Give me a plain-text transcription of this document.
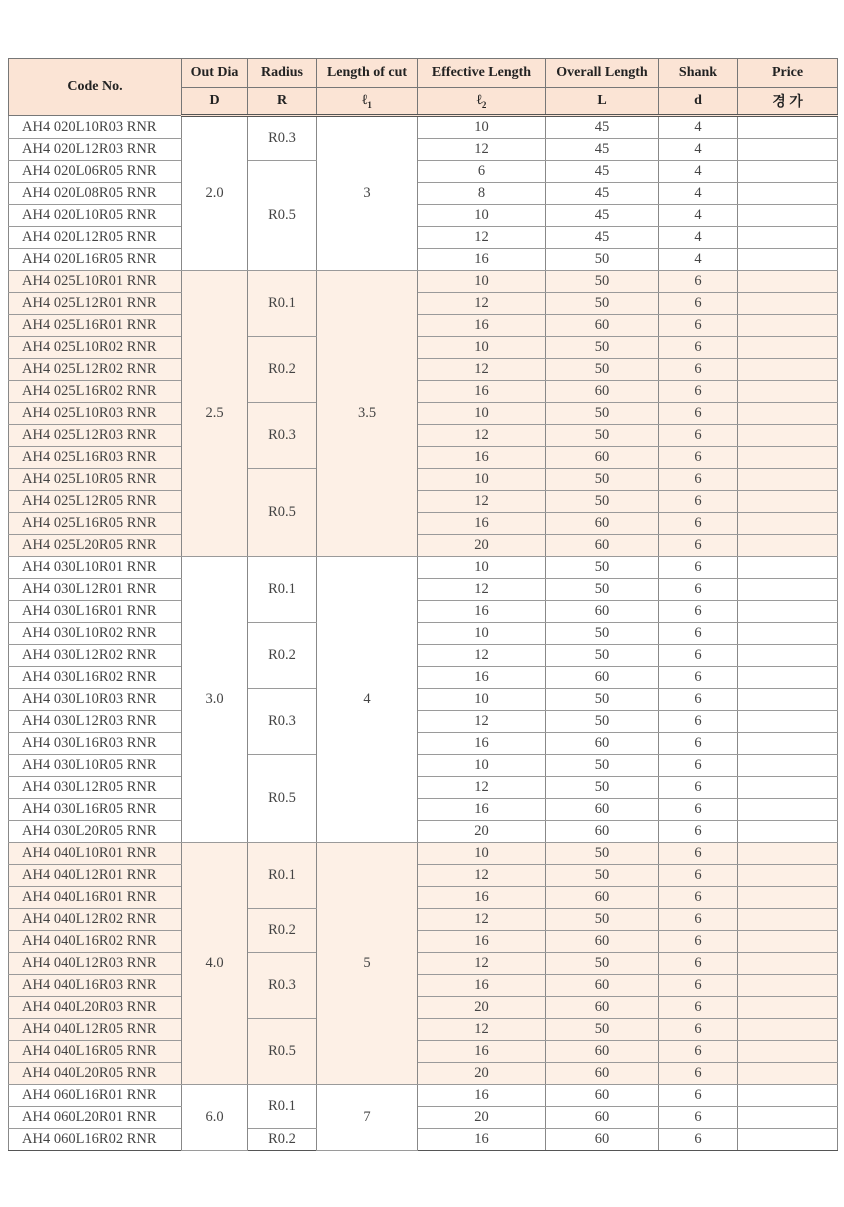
Code No.	Out Dia	Radius	Length of cut	Effective Length	Overall Length	Shank	Price
	D	R	ℓ$_1$	ℓ$_2$	L	d	경 가
AH4 020L10R03 RNR	2.0	R0.3	3	10	45	4	
AH4 020L12R03 RNR				12	45	4	
AH4 020L06R05 RNR		R0.5		6	45	4	
AH4 020L08R05 RNR				8	45	4	
AH4 020L10R05 RNR				10	45	4	
AH4 020L12R05 RNR				12	45	4	
AH4 020L16R05 RNR				16	50	4	
AH4 025L10R01 RNR	2.5	R0.1	3.5	10	50	6	
AH4 025L12R01 RNR				12	50	6	
AH4 025L16R01 RNR				16	60	6	
AH4 025L10R02 RNR		R0.2		10	50	6	
AH4 025L12R02 RNR				12	50	6	
AH4 025L16R02 RNR				16	60	6	
AH4 025L10R03 RNR		R0.3		10	50	6	
AH4 025L12R03 RNR				12	50	6	
AH4 025L16R03 RNR				16	60	6	
AH4 025L10R05 RNR		R0.5		10	50	6	
AH4 025L12R05 RNR				12	50	6	
AH4 025L16R05 RNR				16	60	6	
AH4 025L20R05 RNR				20	60	6	
AH4 030L10R01 RNR	3.0	R0.1	4	10	50	6	
AH4 030L12R01 RNR				12	50	6	
AH4 030L16R01 RNR				16	60	6	
AH4 030L10R02 RNR		R0.2		10	50	6	
AH4 030L12R02 RNR				12	50	6	
AH4 030L16R02 RNR				16	60	6	
AH4 030L10R03 RNR		R0.3		10	50	6	
AH4 030L12R03 RNR				12	50	6	
AH4 030L16R03 RNR				16	60	6	
AH4 030L10R05 RNR		R0.5		10	50	6	
AH4 030L12R05 RNR				12	50	6	
AH4 030L16R05 RNR				16	60	6	
AH4 030L20R05 RNR				20	60	6	
AH4 040L10R01 RNR	4.0	R0.1	5	10	50	6	
AH4 040L12R01 RNR				12	50	6	
AH4 040L16R01 RNR				16	60	6	
AH4 040L12R02 RNR		R0.2		12	50	6	
AH4 040L16R02 RNR				16	60	6	
AH4 040L12R03 RNR		R0.3		12	50	6	
AH4 040L16R03 RNR				16	60	6	
AH4 040L20R03 RNR				20	60	6	
AH4 040L12R05 RNR		R0.5		12	50	6	
AH4 040L16R05 RNR				16	60	6	
AH4 040L20R05 RNR				20	60	6	
AH4 060L16R01 RNR	6.0	R0.1	7	16	60	6	
AH4 060L20R01 RNR				20	60	6	
AH4 060L16R02 RNR		R0.2		16	60	6	
